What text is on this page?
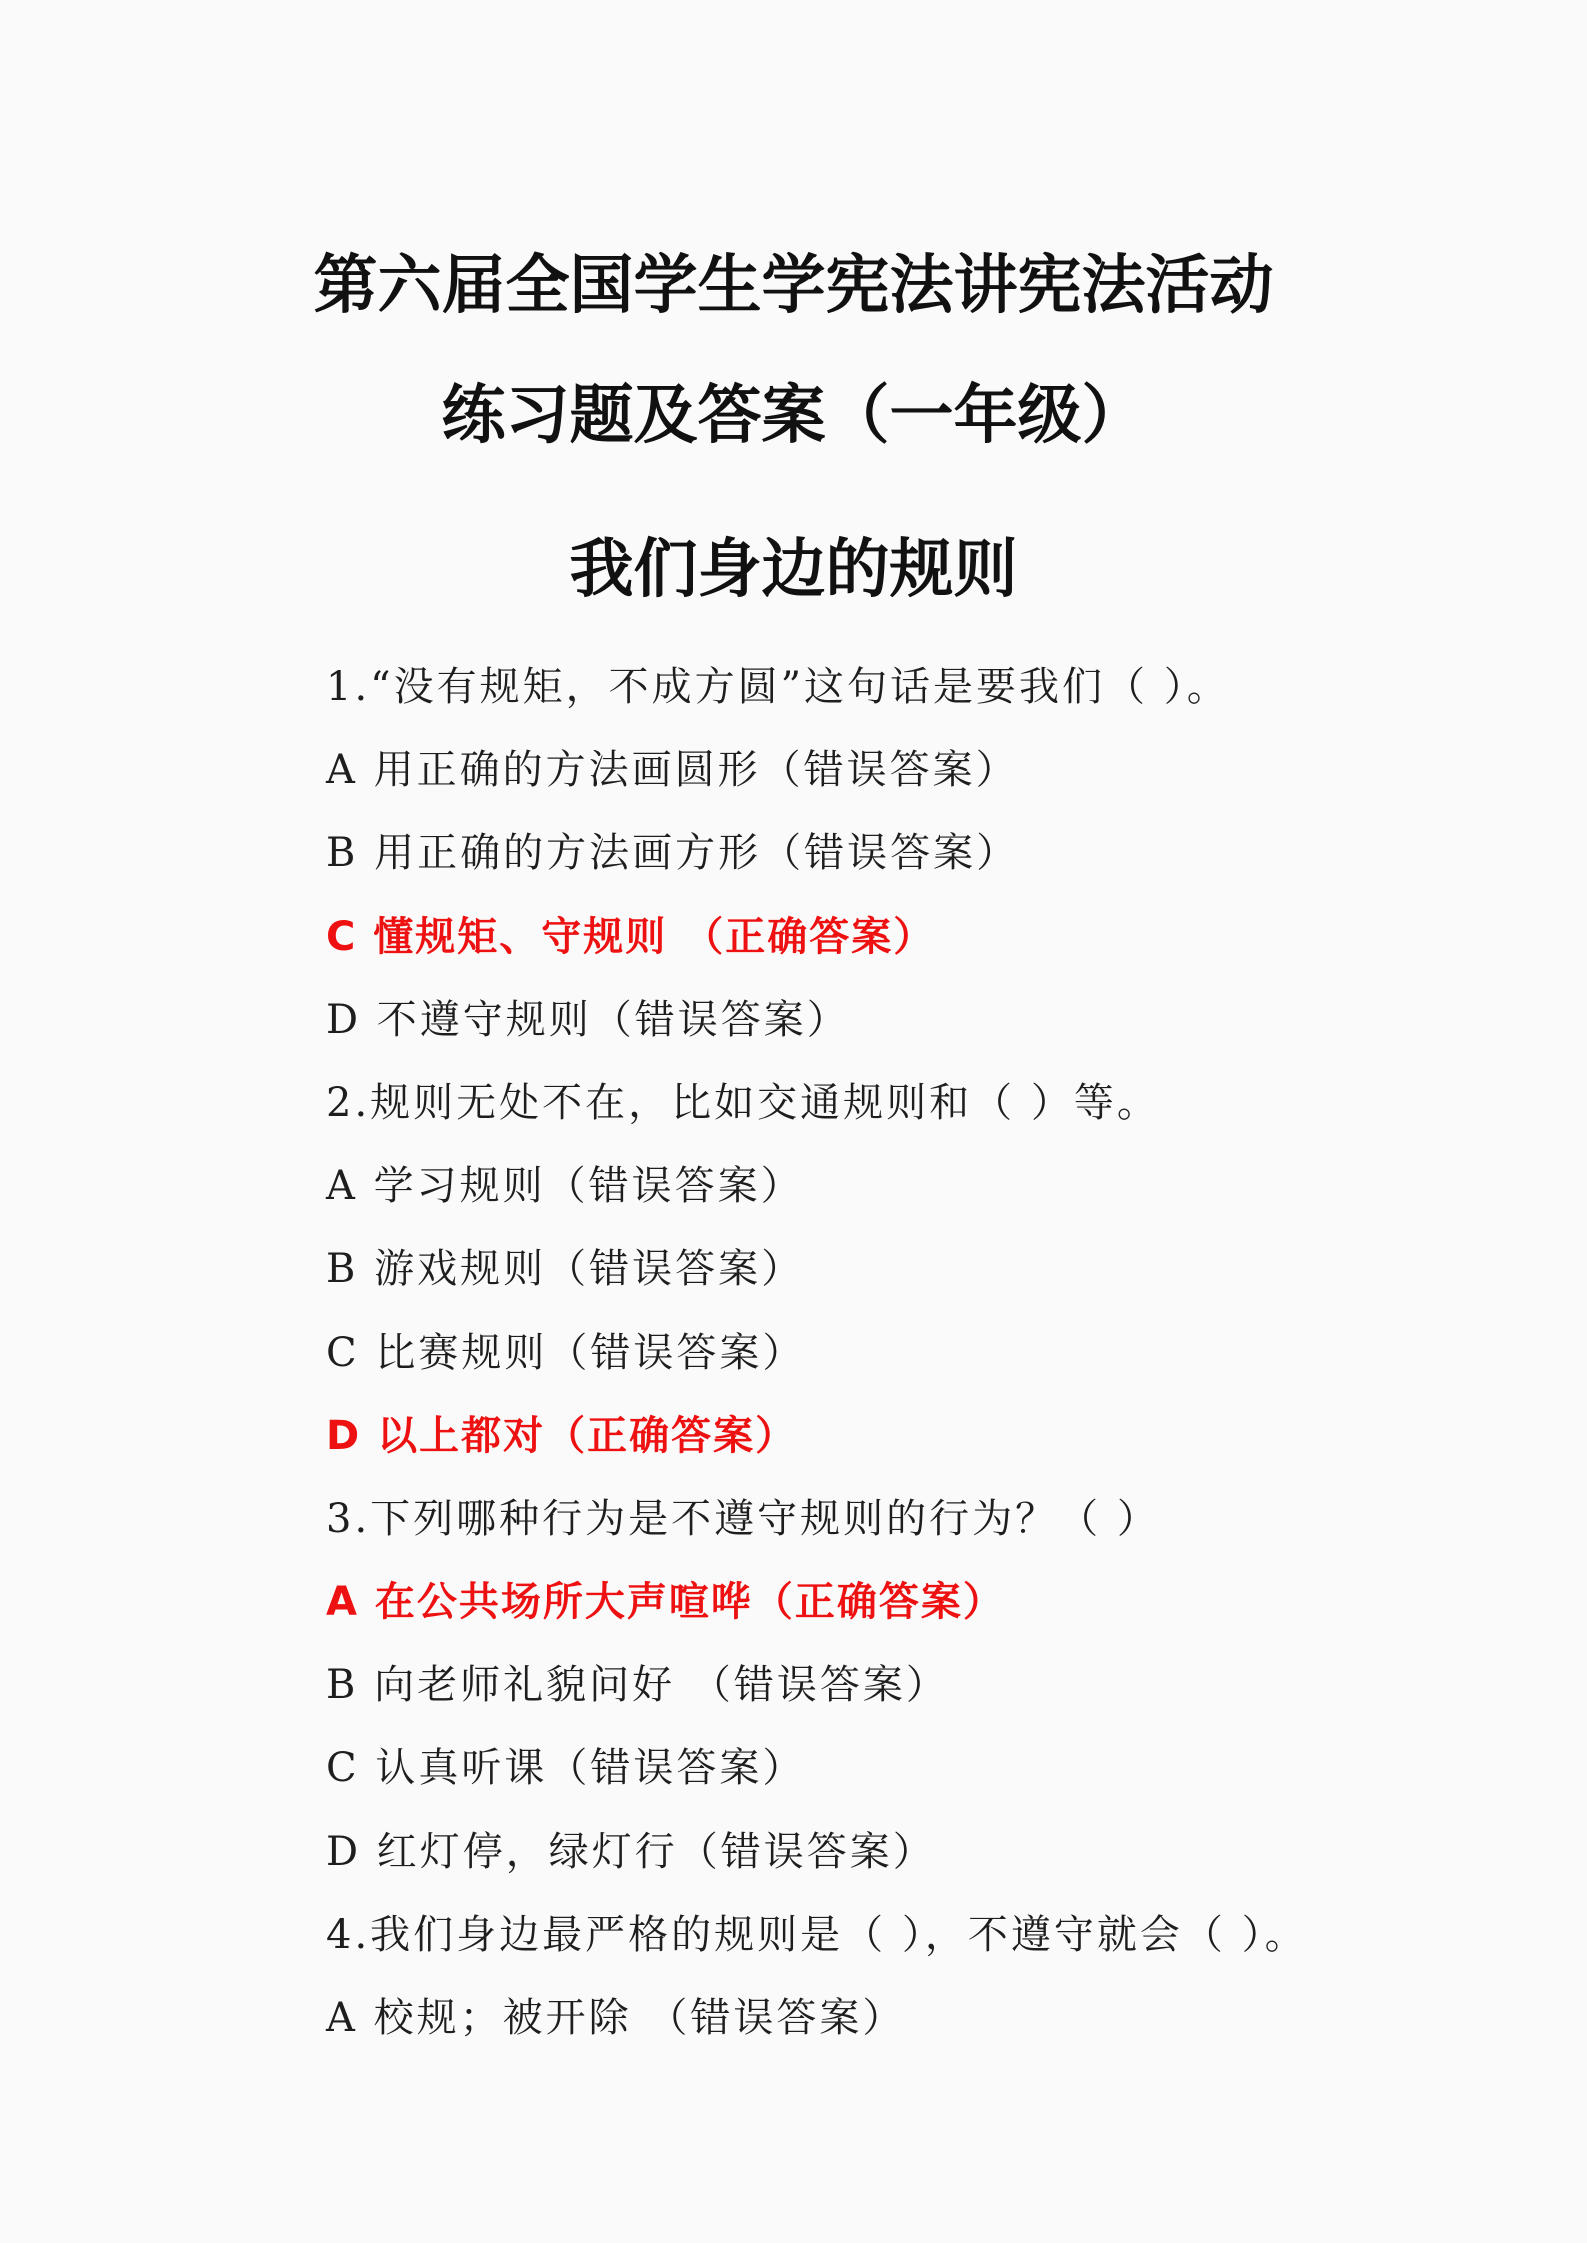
第六届全国学生学宪法讲宪法活动
练习题及答案（一年级）
我们身边的规则
1.“没有规矩，不成方圆”这句话是要我们（ ）。
A 用正确的方法画圆形（错误答案）
B 用正确的方法画方形（错误答案）
C 懂规矩、守规则 （正确答案）
D 不遵守规则（错误答案）
2.规则无处不在，比如交通规则和（ ）等。
A 学习规则（错误答案）
B 游戏规则（错误答案）
C 比赛规则（错误答案）
D 以上都对（正确答案）
3.下列哪种行为是不遵守规则的行为？（ ）
A 在公共场所大声喧哗（正确答案）
B 向老师礼貌问好 （错误答案）
C 认真听课（错误答案）
D 红灯停，绿灯行（错误答案）
4.我们身边最严格的规则是（ ），不遵守就会（ ）。
A 校规；被开除 （错误答案）
